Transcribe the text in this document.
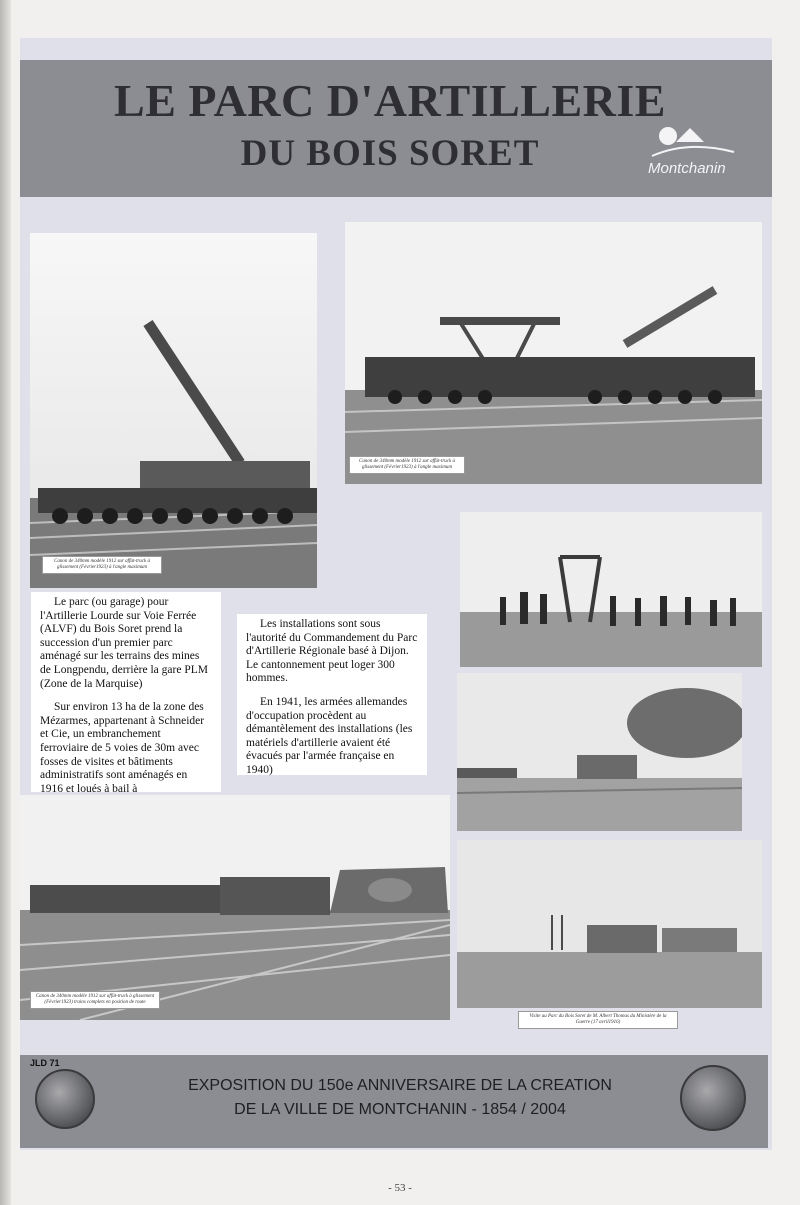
LE PARC D'ARTILLERIE
DU BOIS SORET	Montchanin
Canon de 340mm modèle 1912 sur affût-truck à glissement (Février1923) à l'angle maximum
Canon de 340mm modèle 1912 sur affût-truck à glissement (Février1923) à l'angle maximum

Le parc (ou garage) pour l'Artillerie Lourde sur Voie Ferrée (ALVF) du Bois Soret prend la succession d'un premier parc aménagé sur les terrains des mines de Longpendu, derrière la gare PLM (Zone de la Marquise)

Sur environ 13 ha de la zone des Mézarmes, appartenant à Schneider et Cie, un embranchement ferroviaire de 5 voies de 30m avec fosses de visites et bâtiments administratifs sont aménagés en 1916 et loués à bail à

Les installations sont sous l'autorité du Commandement du Parc d'Artillerie Régionale basé à Dijon. Le cantonnement peut loger 300 hommes.

En 1941, les armées allemandes d'occupation procèdent au démantèlement des installations (les matériels d'artillerie avaient été évacués par l'armée française en 1940)

Canon de 340mm modèle 1912 sur affût-truck à glissement (Février1923) trains complets en position de route
Visite au Parc du Bois Soret de M. Albert Thomas du Ministère de la Guerre (17 avril1916)
EXPOSITION DU 150e ANNIVERSAIRE DE LA CREATION
DE LA VILLE DE MONTCHANIN - 1854 / 2004
JLD 71
- 53 -
